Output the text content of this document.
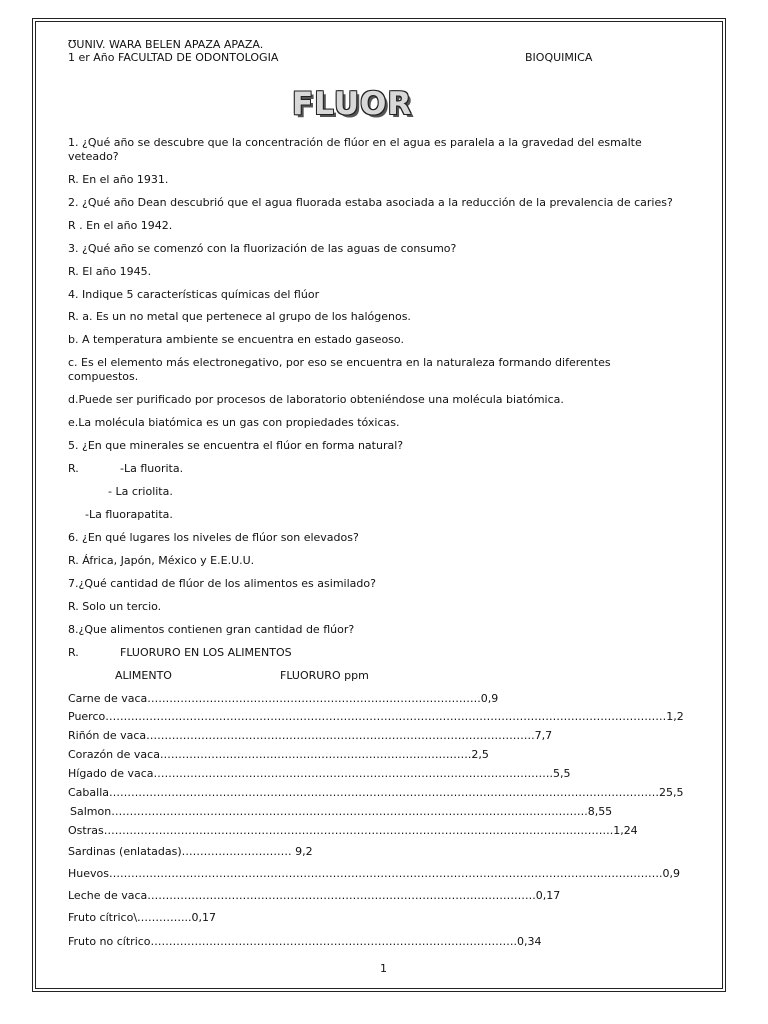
ƱUNIV. WARA BELEN APAZA APAZA.
1 er Año FACULTAD DE ODONTOLOGIA	BIOQUIMICA
FLUOR
1. ¿Qué año se descubre que la concentración de flúor en el agua es paralela a la gravedad del esmalte
veteado?
R. En el año 1931.
2. ¿Qué año Dean descubrió que el agua fluorada estaba asociada a la reducción de la prevalencia de caries?
R . En el año 1942.
3. ¿Qué año se comenzó con la fluorización de las aguas de consumo?
R. El año 1945.
4. Indique 5 características químicas del flúor
R. a. Es un no metal que pertenece al grupo de los halógenos.
b. A temperatura ambiente se encuentra en estado gaseoso.
c. Es el elemento más electronegativo, por eso se encuentra en la naturaleza formando diferentes
compuestos.
d.Puede ser purificado por procesos de laboratorio obteniéndose una molécula biatómica.
e.La molécula biatómica es un gas con propiedades tóxicas.
5. ¿En que minerales se encuentra el flúor en forma natural?
R.	-La fluorita.
- La criolita.
-La fluorapatita.
6. ¿En qué lugares los niveles de flúor son elevados?
R. África, Japón, México y E.E.U.U.
7.¿Qué cantidad de flúor de los alimentos es asimilado?
R. Solo un tercio.
8.¿Que alimentos contienen gran cantidad de flúor?
R.	FLUORURO EN LOS ALIMENTOS
ALIMENTO	FLUORURO ppm
Carne de vaca……………………………………………………………………………….0,9
Puerco………………………………………………………………………………………………………………………………………1,2
Riñón de vaca…………………………………………………………………………………………….7,7
Corazón de vaca………………………………………………………………………….2,5
Hígado de vaca……………………………………………………………………………………………….5,5
Caballa……………………………………………………………………………………………………………………………………25,5
Salmon………………………………………………………………………………………………………………….8,55
Ostras………………………………………………………………………………………………………………………….1,24
Sardinas (enlatadas)………………………… 9,2
Huevos…………………………………………………………………………………………………………………………………….0,9
Leche de vaca…………………………………………………………………………………………….0,17
Fruto cítrico\…………...0,17
Fruto no cítrico……………………………………………………………………………………….0,34
1
